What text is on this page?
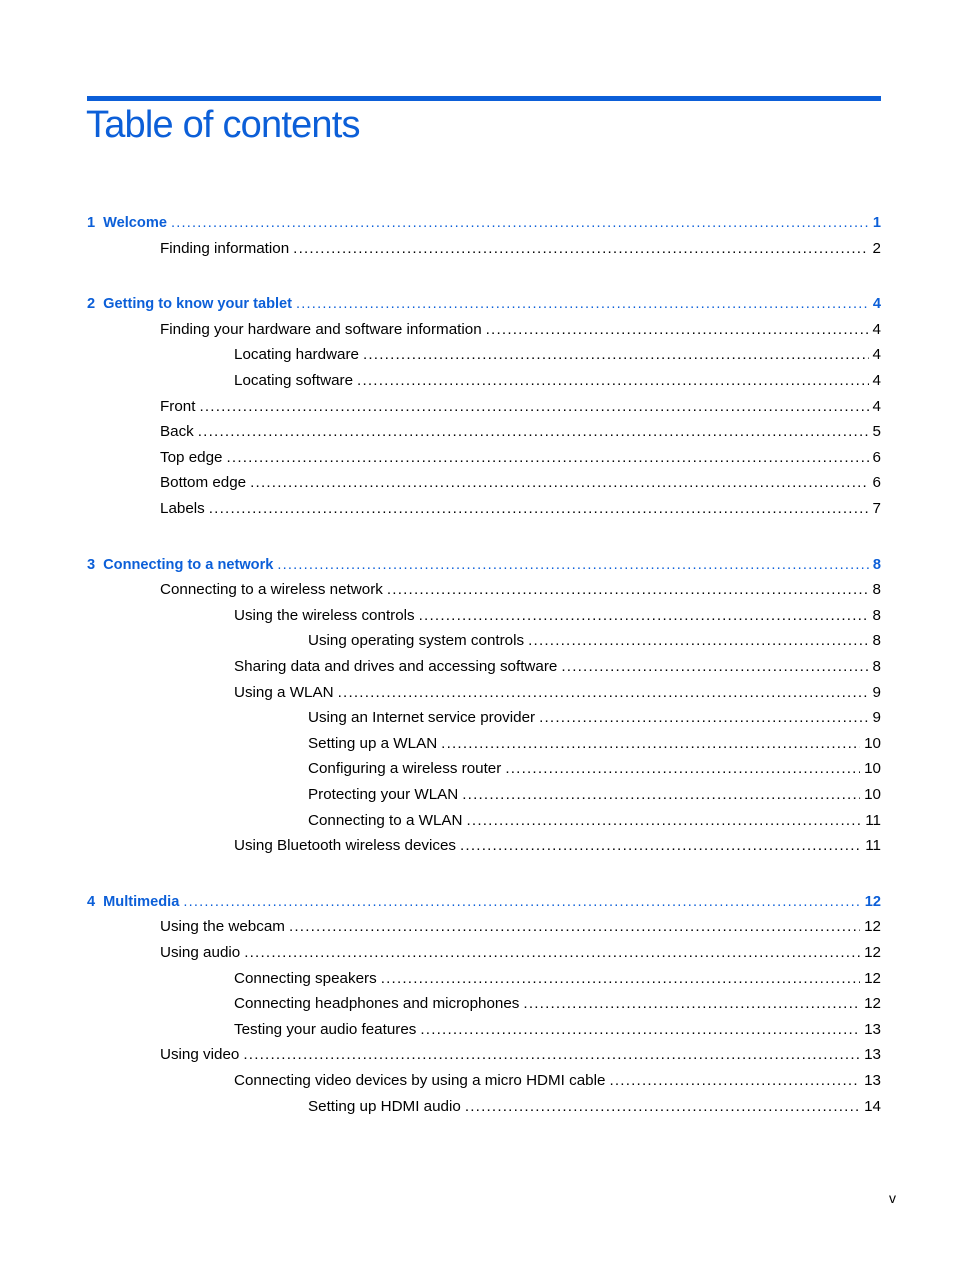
Table of contents
1 Welcome .....	1
Finding information .....	2
2 Getting to know your tablet .....	4
Finding your hardware and software information .....	4
Locating hardware .....	4
Locating software .....	4
Front .....	4
Back .....	5
Top edge .....	6
Bottom edge .....	6
Labels .....	7
3 Connecting to a network .....	8
Connecting to a wireless network .....	8
Using the wireless controls .....	8
Using operating system controls .....	8
Sharing data and drives and accessing software .....	8
Using a WLAN .....	9
Using an Internet service provider .....	9
Setting up a WLAN .....	10
Configuring a wireless router .....	10
Protecting your WLAN .....	10
Connecting to a WLAN .....	11
Using Bluetooth wireless devices .....	11
4 Multimedia .....	12
Using the webcam .....	12
Using audio .....	12
Connecting speakers .....	12
Connecting headphones and microphones .....	12
Testing your audio features .....	13
Using video .....	13
Connecting video devices by using a micro HDMI cable .....	13
Setting up HDMI audio .....	14
v
